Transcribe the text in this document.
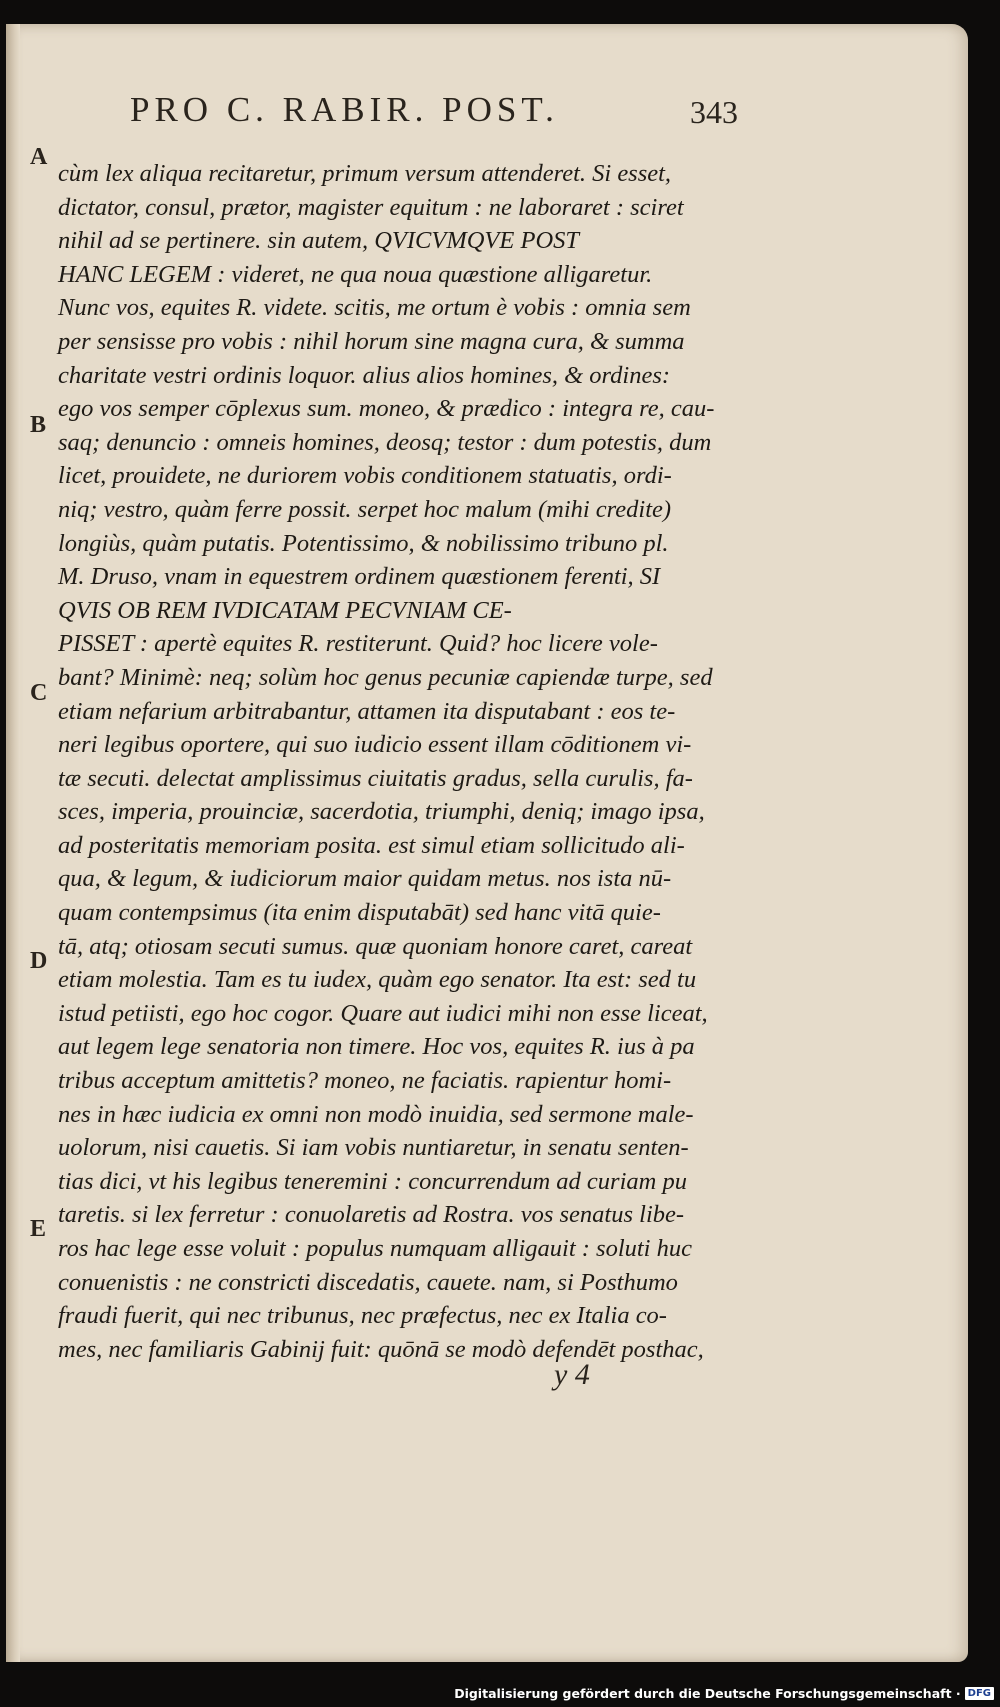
PRO C. RABIR. POST.	343
A
B
C
D
E
cùm lex aliqua recitaretur, primum versum attenderet. Si esset,
dictator, consul, prætor, magister equitum : ne laboraret : sciret
nihil ad se pertinere. sin autem, QVICVMQVE POST
HANC LEGEM : videret, ne qua noua quæstione alligaretur.
Nunc vos, equites R. videte. scitis, me ortum è vobis : omnia sem
per sensisse pro vobis : nihil horum sine magna cura, & summa
charitate vestri ordinis loquor. alius alios homines, & ordines:
ego vos semper cōplexus sum. moneo, & prædico : integra re, cau-
saq; denuncio : omneis homines, deosq; testor : dum potestis, dum
licet, prouidete, ne duriorem vobis conditionem statuatis, ordi-
niq; vestro, quàm ferre possit. serpet hoc malum (mihi credite)
longiùs, quàm putatis. Potentissimo, & nobilissimo tribuno pl.
M. Druso, vnam in equestrem ordinem quæstionem ferenti, SI
QVIS OB REM IVDICATAM PECVNIAM CE-
PISSET : apertè equites R. restiterunt. Quid? hoc licere vole-
bant? Minimè: neq; solùm hoc genus pecuniæ capiendæ turpe, sed
etiam nefarium arbitrabantur, attamen ita disputabant : eos te-
neri legibus oportere, qui suo iudicio essent illam cōditionem vi-
tæ secuti. delectat amplissimus ciuitatis gradus, sella curulis, fa-
sces, imperia, prouinciæ, sacerdotia, triumphi, deniq; imago ipsa,
ad posteritatis memoriam posita. est simul etiam sollicitudo ali-
qua, & legum, & iudiciorum maior quidam metus. nos ista nū-
quam contempsimus (ita enim disputabāt) sed hanc vitā quie-
tā, atq; otiosam secuti sumus. quæ quoniam honore caret, careat
etiam molestia. Tam es tu iudex, quàm ego senator. Ita est: sed tu
istud petiisti, ego hoc cogor. Quare aut iudici mihi non esse liceat,
aut legem lege senatoria non timere. Hoc vos, equites R. ius à pa
tribus acceptum amittetis? moneo, ne faciatis. rapientur homi-
nes in hæc iudicia ex omni non modò inuidia, sed sermone male-
uolorum, nisi cauetis. Si iam vobis nuntiaretur, in senatu senten-
tias dici, vt his legibus teneremini : concurrendum ad curiam pu
taretis. si lex ferretur : conuolaretis ad Rostra. vos senatus libe-
ros hac lege esse voluit : populus numquam alligauit : soluti huc
conuenistis : ne constricti discedatis, cauete. nam, si Posthumo
fraudi fuerit, qui nec tribunus, nec præfectus, nec ex Italia co-
mes, nec familiaris Gabinij fuit: quōnā se modò defendēt posthac,
y 4
Digitalisierung gefördert durch die Deutsche Forschungsgemeinschaft · DFG
